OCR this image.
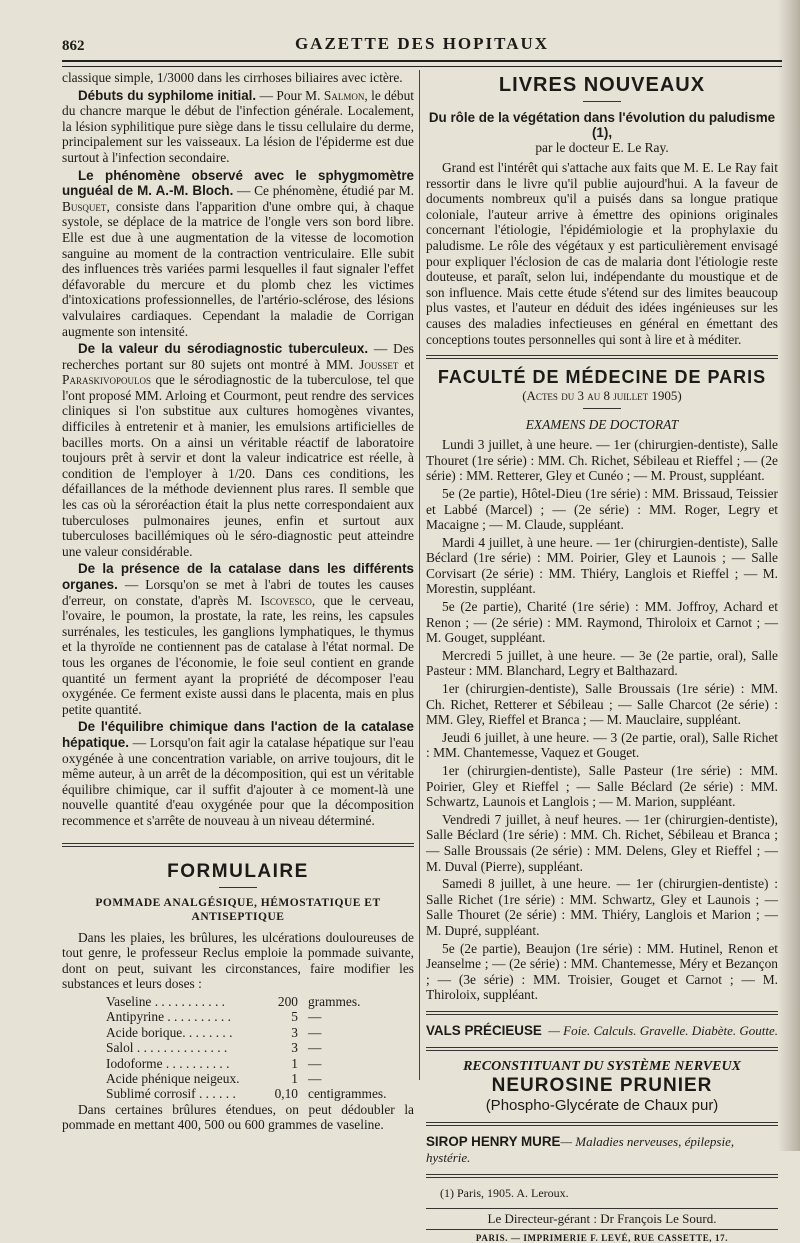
862	GAZETTE DES HOPITAUX

classique simple, 1/3000 dans les cirrhoses biliaires avec ictère.

Débuts du syphilome initial. — Pour M. Salmon, le début du chancre marque le début de l'infection générale. Localement, la lésion syphilitique pure siège dans le tissu cellulaire du derme, principalement sur les vaisseaux. La lésion de l'épiderme est due surtout à l'infection secondaire.

Le phénomène observé avec le sphygmomètre unguéal de M. A.-M. Bloch. — Ce phénomène, étudié par M. Busquet, consiste dans l'apparition d'une ombre qui, à chaque systole, se déplace de la matrice de l'ongle vers son bord libre. Elle est due à une augmentation de la vitesse de locomotion sanguine au moment de la contraction ventriculaire. Elle subit des influences très variées parmi lesquelles il faut signaler l'effet défavorable du mercure et du plomb chez les victimes d'intoxications professionnelles, de l'artério-sclérose, des lésions valvulaires cardiaques. Cependant la maladie de Corrigan augmente son intensité.

De la valeur du sérodiagnostic tuberculeux. — Des recherches portant sur 80 sujets ont montré à MM. Jousset et Paraskivopoulos que le sérodiagnostic de la tuberculose, tel que l'ont proposé MM. Arloing et Courmont, peut rendre des services cliniques si l'on substitue aux cultures homogènes vivantes, difficiles à entretenir et à manier, les emulsions artificielles de bacilles morts. On a ainsi un véritable réactif de laboratoire toujours prêt à servir et dont la valeur indicatrice est réelle, à condition de l'employer à 1/20. Dans ces conditions, les défaillances de la méthode deviennent plus rares. Il semble que les cas où la séroréaction était la plus nette correspondaient aux tuberculoses pulmonaires jeunes, enfin et surtout aux tuberculoses bacillémiques où le séro-diagnostic peut atteindre une valeur considérable.

De la présence de la catalase dans les différents organes. — Lorsqu'on se met à l'abri de toutes les causes d'erreur, on constate, d'après M. Iscovesco, que le cerveau, l'ovaire, le poumon, la prostate, la rate, les reins, les capsules surrénales, les testicules, les ganglions lymphatiques, le thymus et la thyroïde ne contiennent pas de catalase à l'état normal. De tous les organes de l'économie, le foie seul contient en grande quantité un ferment ayant la propriété de décomposer l'eau oxygénée. Ce ferment existe aussi dans le placenta, mais en plus petite quantité.

De l'équilibre chimique dans l'action de la catalase hépatique. — Lorsqu'on fait agir la catalase hépatique sur l'eau oxygénée à une concentration variable, on arrive toujours, dit le même auteur, à un arrêt de la décomposition, qui est un véritable équilibre chimique, car il suffit d'ajouter à ce moment-là une nouvelle quantité d'eau oxygénée pour que la décomposition recommence et s'arrête de nouveau à un niveau déterminé.

FORMULAIRE
POMMADE ANALGÉSIQUE, HÉMOSTATIQUE ET ANTISEPTIQUE

Dans les plaies, les brûlures, les ulcérations douloureuses de tout genre, le professeur Reclus emploie la pommade suivante, dont on peut, suivant les circonstances, faire modifier les substances et leurs doses :

Vaseline . . . . . . . . . . .	200 grammes.
Antipyrine . . . . . . . . . .	5 —
Acide borique. . . . . . . .	3 —
Salol . . . . . . . . . . . . . .	3 —
Iodoforme . . . . . . . . . .	1 —
Acide phénique neigeux.	1 —
Sublimé corrosif . . . . . .	0,10 centigrammes.

Dans certaines brûlures étendues, on peut dédoubler la pommade en mettant 400, 500 ou 600 grammes de vaseline.

LIVRES NOUVEAUX
Du rôle de la végétation dans l'évolution du paludisme (1),
par le docteur E. Le Ray.

Grand est l'intérêt qui s'attache aux faits que M. E. Le Ray fait ressortir dans le livre qu'il publie aujourd'hui. A la faveur de documents nombreux qu'il a puisés dans sa longue pratique coloniale, l'auteur arrive à émettre des opinions originales concernant l'étiologie, l'épidémiologie et la prophylaxie du paludisme. Le rôle des végétaux y est particulièrement envisagé pour expliquer l'éclosion de cas de malaria dont l'étiologie reste douteuse, et paraît, selon lui, indépendante du moustique et de son influence. Mais cette étude s'étend sur des limites beaucoup plus vastes, et l'auteur en déduit des idées ingénieuses sur les causes des maladies infectieuses en général en émettant des conceptions toutes personnelles qui sont à lire et à méditer.

FACULTÉ DE MÉDECINE DE PARIS
(Actes du 3 au 8 juillet 1905)
EXAMENS DE DOCTORAT

Lundi 3 juillet, à une heure. — 1er (chirurgien-dentiste), Salle Thouret (1re série) : MM. Ch. Richet, Sébileau et Rieffel ; — (2e série) : MM. Retterer, Gley et Cunéo ; — M. Proust, suppléant.

5e (2e partie), Hôtel-Dieu (1re série) : MM. Brissaud, Teissier et Labbé (Marcel) ; — (2e série) : MM. Roger, Legry et Macaigne ; — M. Claude, suppléant.

Mardi 4 juillet, à une heure. — 1er (chirurgien-dentiste), Salle Béclard (1re série) : MM. Poirier, Gley et Launois ; — Salle Corvisart (2e série) : MM. Thiéry, Langlois et Rieffel ; — M. Morestin, suppléant.

5e (2e partie), Charité (1re série) : MM. Joffroy, Achard et Renon ; — (2e série) : MM. Raymond, Thiroloix et Carnot ; — M. Gouget, suppléant.

Mercredi 5 juillet, à une heure. — 3e (2e partie, oral), Salle Pasteur : MM. Blanchard, Legry et Balthazard.

1er (chirurgien-dentiste), Salle Broussais (1re série) : MM. Ch. Richet, Retterer et Sébileau ; — Salle Charcot (2e série) : MM. Gley, Rieffel et Branca ; — M. Mauclaire, suppléant.

Jeudi 6 juillet, à une heure. — 3 (2e partie, oral), Salle Richet : MM. Chantemesse, Vaquez et Gouget.

1er (chirurgien-dentiste), Salle Pasteur (1re série) : MM. Poirier, Gley et Rieffel ; — Salle Béclard (2e série) : MM. Schwartz, Launois et Langlois ; — M. Marion, suppléant.

Vendredi 7 juillet, à neuf heures. — 1er (chirurgien-dentiste), Salle Béclard (1re série) : MM. Ch. Richet, Sébileau et Branca ; — Salle Broussais (2e série) : MM. Delens, Gley et Rieffel ; — M. Duval (Pierre), suppléant.

Samedi 8 juillet, à une heure. — 1er (chirurgien-dentiste) : Salle Richet (1re série) : MM. Schwartz, Gley et Launois ; — Salle Thouret (2e série) : MM. Thiéry, Langlois et Marion ; — M. Dupré, suppléant.

5e (2e partie), Beaujon (1re série) : MM. Hutinel, Renon et Jeanselme ; — (2e série) : MM. Chantemesse, Méry et Bezançon ; — (3e série) : MM. Troisier, Gouget et Carnot ; — M. Thiroloix, suppléant.

VALS PRÉCIEUSE — Foie. Calculs. Gravelle. Diabète. Goutte.
RECONSTITUANT DU SYSTÈME NERVEUX
NEUROSINE PRUNIER
(Phospho-Glycérate de Chaux pur)
SIROP HENRY MURE— Maladies nerveuses, épilepsie, hystérie.

(1) Paris, 1905. A. Leroux.

Le Directeur-gérant : Dr François Le Sourd.
PARIS. — IMPRIMERIE F. LEVÉ, RUE CASSETTE, 17.
